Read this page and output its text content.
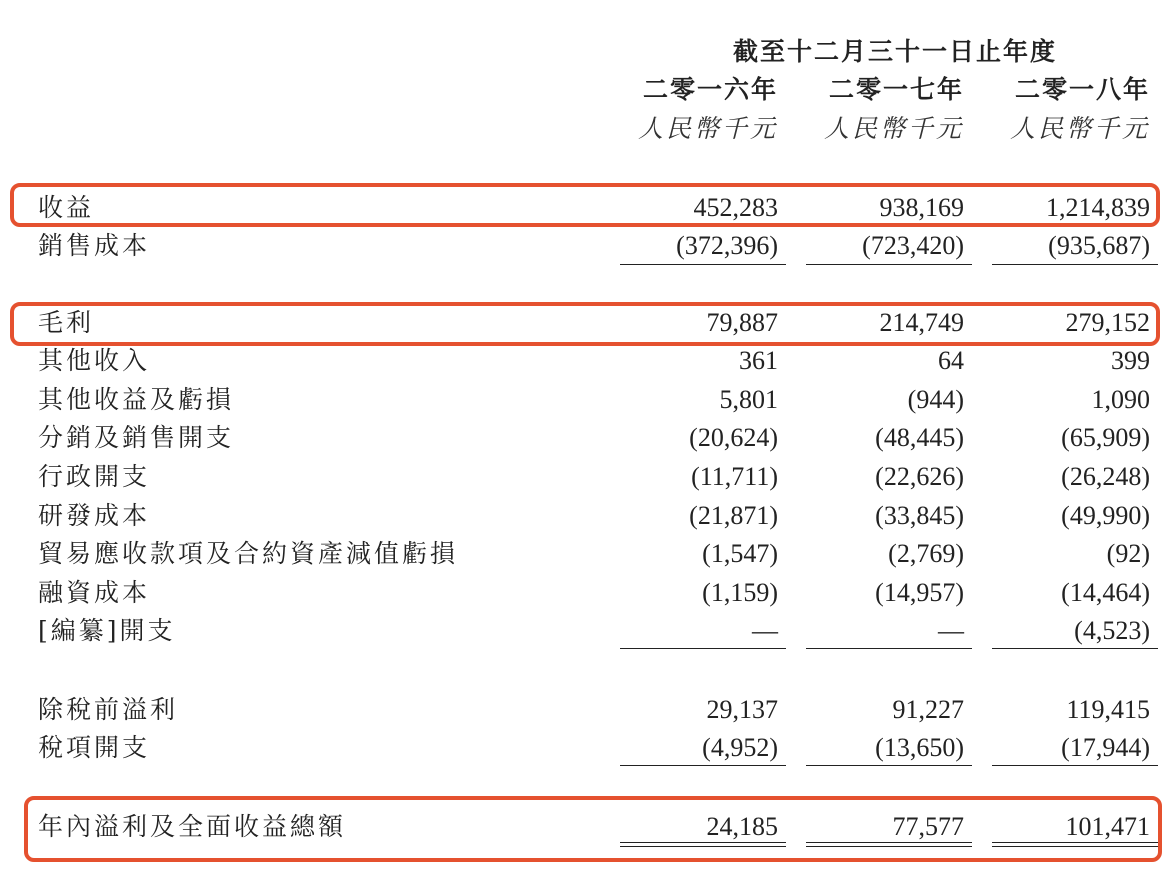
截至十二月三十一日止年度
二零一六年	二零一七年	二零一八年
人民幣千元	人民幣千元	人民幣千元
收益	452,283	938,169	1,214,839
銷售成本	(372,396)	(723,420)	(935,687)
毛利	79,887	214,749	279,152
其他收入	361	64	399
其他收益及虧損	5,801	(944)	1,090
分銷及銷售開支	(20,624)	(48,445)	(65,909)
行政開支	(11,711)	(22,626)	(26,248)
研發成本	(21,871)	(33,845)	(49,990)
貿易應收款項及合約資產減值虧損	(1,547)	(2,769)	(92)
融資成本	(1,159)	(14,957)	(14,464)
[編纂]開支	—	—	(4,523)
除稅前溢利	29,137	91,227	119,415
稅項開支	(4,952)	(13,650)	(17,944)
年內溢利及全面收益總額	24,185	77,577	101,471
